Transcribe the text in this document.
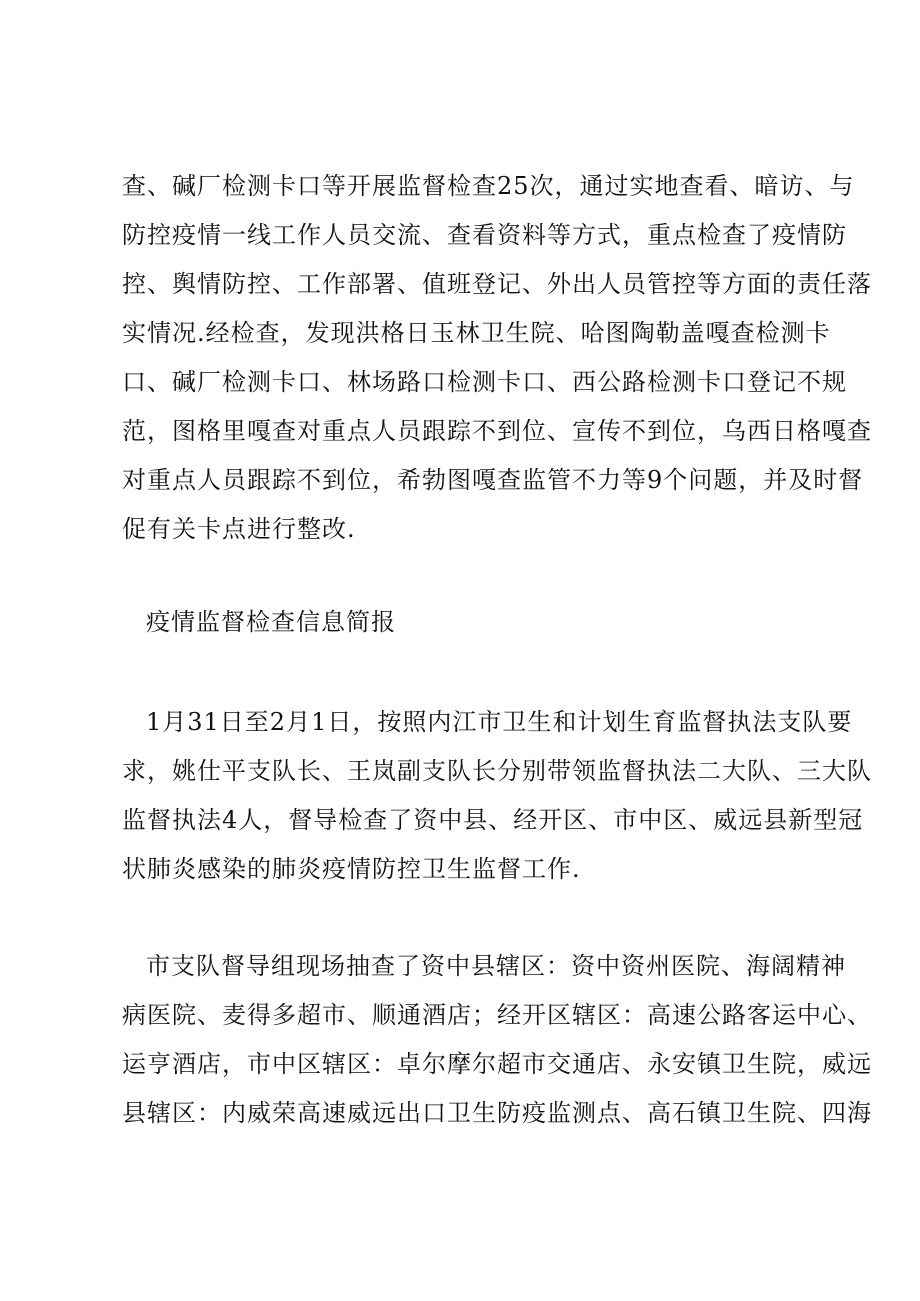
查、碱厂检测卡口等开展监督检查25次，通过实地查看、暗访、与
防控疫情一线工作人员交流、查看资料等方式，重点检查了疫情防
控、舆情防控、工作部署、值班登记、外出人员管控等方面的责任落
实情况.经检查，发现洪格日玉林卫生院、哈图陶勒盖嘎查检测卡
口、碱厂检测卡口、林场路口检测卡口、西公路检测卡口登记不规
范，图格里嘎查对重点人员跟踪不到位、宣传不到位，乌西日格嘎查
对重点人员跟踪不到位，希勃图嘎查监管不力等9个问题，并及时督
促有关卡点进行整改.
疫情监督检查信息简报
1月31日至2月1日，按照内江市卫生和计划生育监督执法支队要
求，姚仕平支队长、王岚副支队长分别带领监督执法二大队、三大队
监督执法4人，督导检查了资中县、经开区、市中区、威远县新型冠
状肺炎感染的肺炎疫情防控卫生监督工作.
市支队督导组现场抽查了资中县辖区：资中资州医院、海阔精神
病医院、麦得多超市、顺通酒店；经开区辖区：高速公路客运中心、
运亨酒店，市中区辖区：卓尔摩尔超市交通店、永安镇卫生院，威远
县辖区：内威荣高速威远出口卫生防疫监测点、高石镇卫生院、四海
